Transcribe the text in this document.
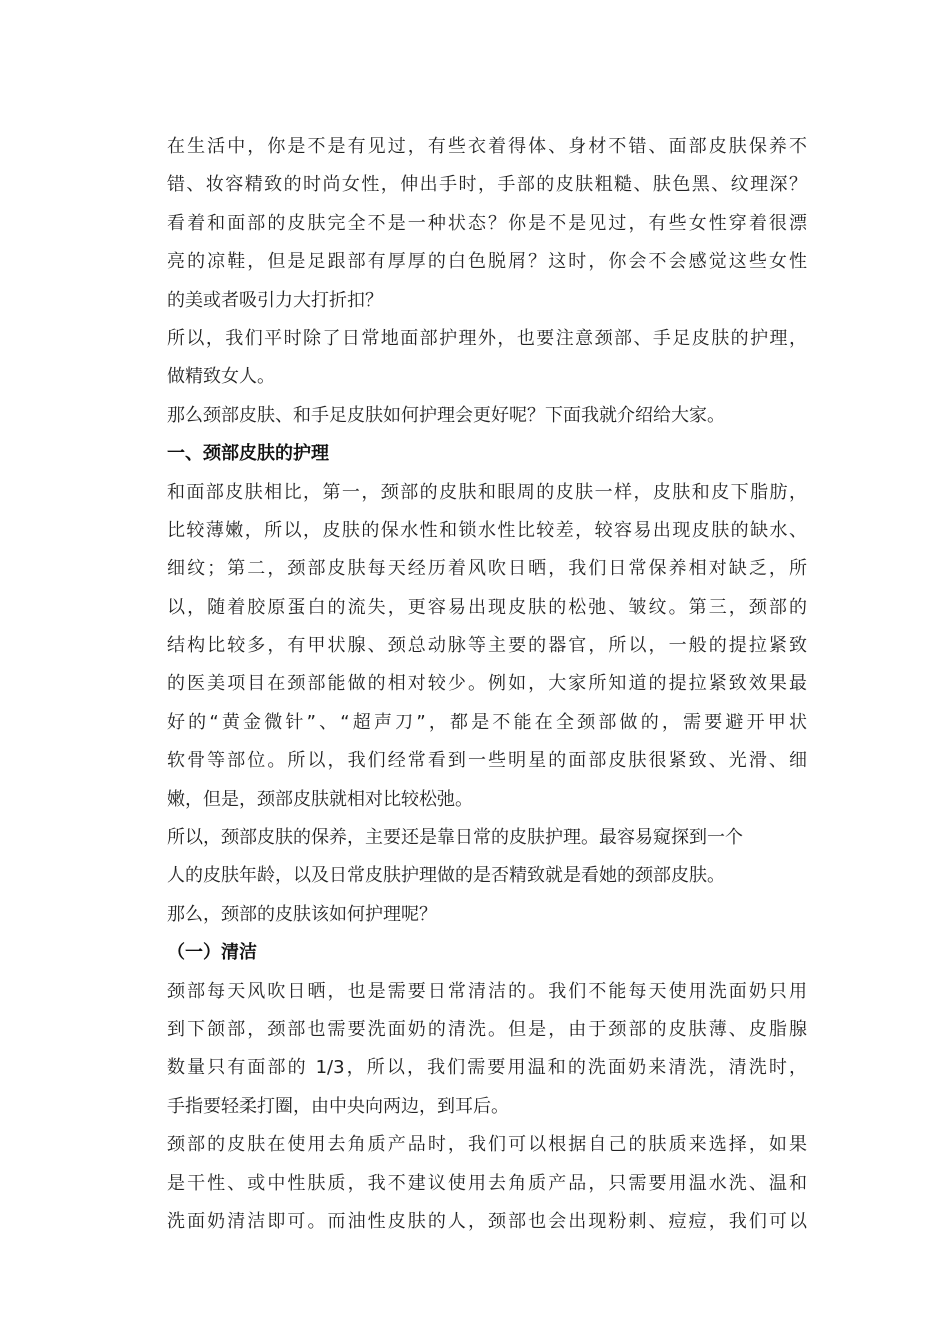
在生活中，你是不是有见过，有些衣着得体、身材不错、面部皮肤保养不
错、妆容精致的时尚女性，伸出手时，手部的皮肤粗糙、肤色黑、纹理深？
看着和面部的皮肤完全不是一种状态？你是不是见过，有些女性穿着很漂
亮的凉鞋，但是足跟部有厚厚的白色脱屑？这时，你会不会感觉这些女性
的美或者吸引力大打折扣？
所以，我们平时除了日常地面部护理外，也要注意颈部、手足皮肤的护理，
做精致女人。
那么颈部皮肤、和手足皮肤如何护理会更好呢？下面我就介绍给大家。
一、颈部皮肤的护理
和面部皮肤相比，第一，颈部的皮肤和眼周的皮肤一样，皮肤和皮下脂肪，
比较薄嫩，所以，皮肤的保水性和锁水性比较差，较容易出现皮肤的缺水、
细纹；第二，颈部皮肤每天经历着风吹日晒，我们日常保养相对缺乏，所
以，随着胶原蛋白的流失，更容易出现皮肤的松弛、皱纹。第三，颈部的
结构比较多，有甲状腺、颈总动脉等主要的器官，所以，一般的提拉紧致
的医美项目在颈部能做的相对较少。例如，大家所知道的提拉紧致效果最
好的“黄金微针”、“超声刀”，都是不能在全颈部做的，需要避开甲状
软骨等部位。所以，我们经常看到一些明星的面部皮肤很紧致、光滑、细
嫩，但是，颈部皮肤就相对比较松弛。
所以，颈部皮肤的保养，主要还是靠日常的皮肤护理。最容易窥探到一个
人的皮肤年龄，以及日常皮肤护理做的是否精致就是看她的颈部皮肤。
那么，颈部的皮肤该如何护理呢？
（一）清洁
颈部每天风吹日晒，也是需要日常清洁的。我们不能每天使用洗面奶只用
到下颌部，颈部也需要洗面奶的清洗。但是，由于颈部的皮肤薄、皮脂腺
数量只有面部的 1/3，所以，我们需要用温和的洗面奶来清洗，清洗时，
手指要轻柔打圈，由中央向两边，到耳后。
颈部的皮肤在使用去角质产品时，我们可以根据自己的肤质来选择，如果
是干性、或中性肤质，我不建议使用去角质产品，只需要用温水洗、温和
洗面奶清洁即可。而油性皮肤的人，颈部也会出现粉刺、痘痘，我们可以
